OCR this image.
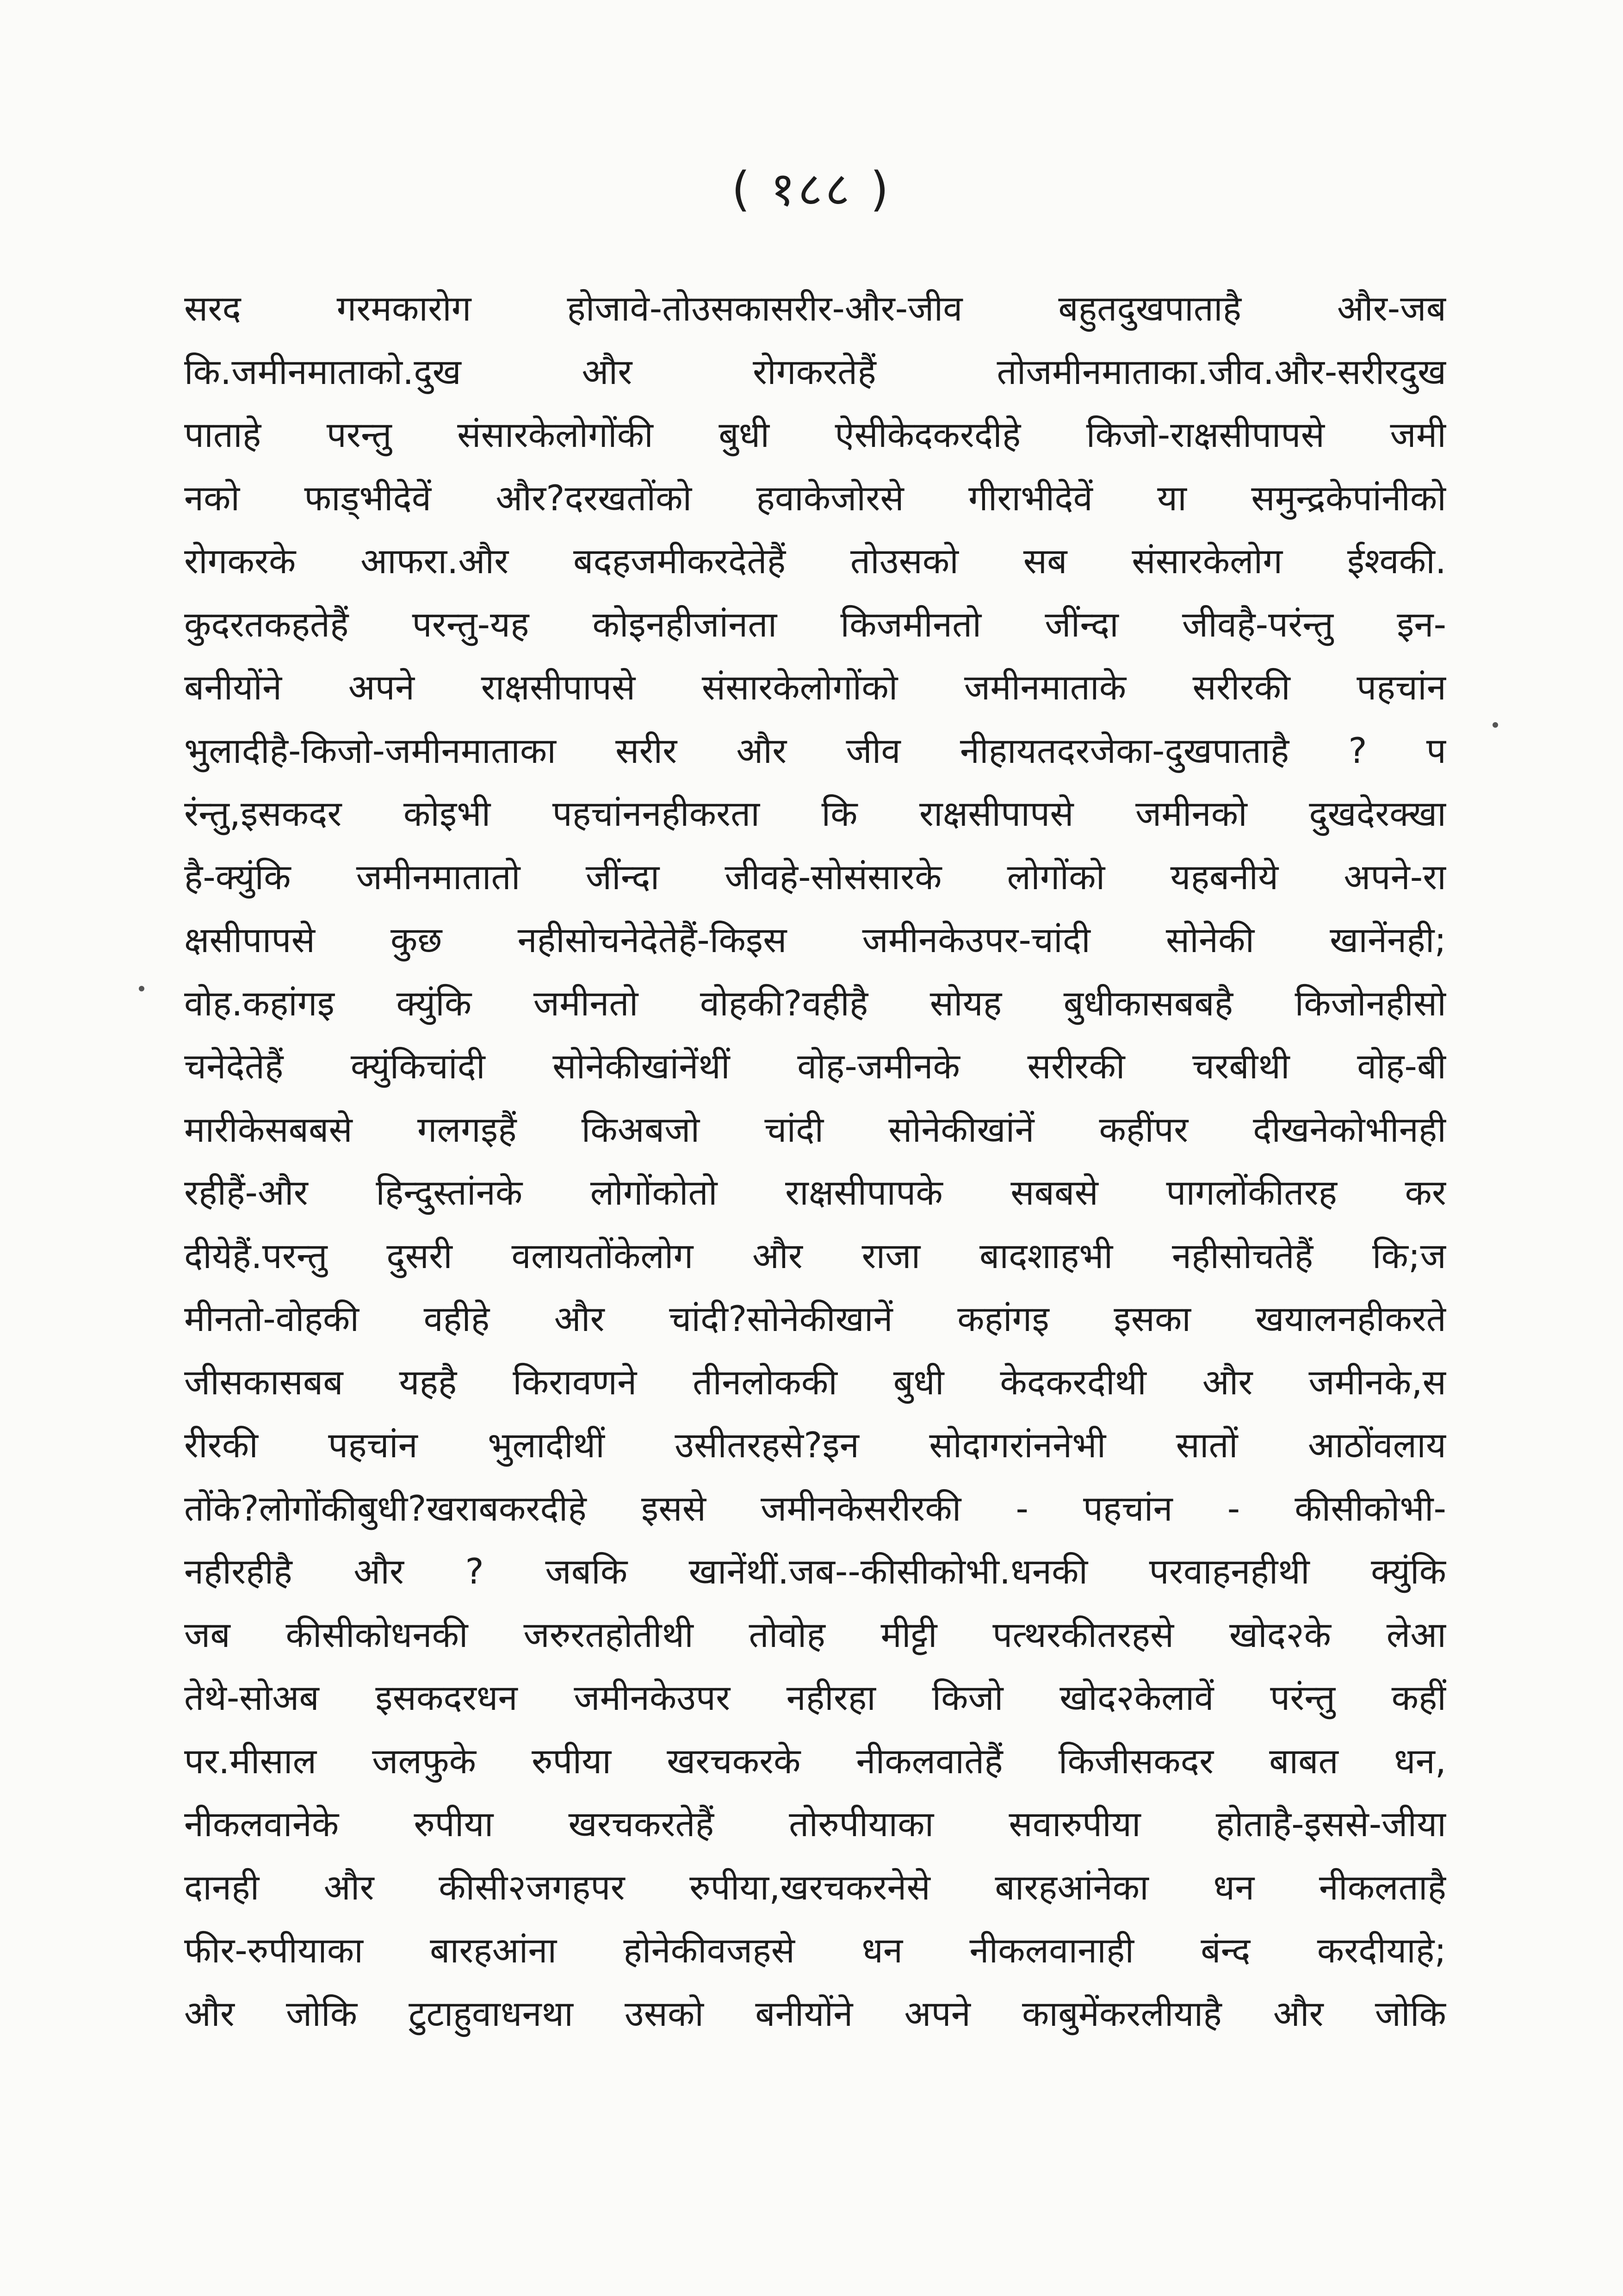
( १८८ )
सरद	गरमकारोग	होजावे-तोउसकासरीर-और-जीव	बहुतदुखपाताहै	और-जब
कि.जमीनमाताको.दुख	और	रोगकरतेहैं	तोजमीनमाताका.जीव.और-सरीरदुख
पाताहे परन्तु संसारकेलोगोंकी बुधी ऐसीकेदकरदीहे किजो-राक्षसीपापसे जमी
नको फाड्भीदेवें और?दरखतोंको हवाकेजोरसे गीराभीदेवें या समुन्द्रकेपांनीको
रोगकरके आफरा.और बदहजमीकरदेतेहैं तोउसको सब संसारकेलोग ईश्वकी.
कुदरतकहतेहैं परन्तु-यह कोइनहीजांनता किजमीनतो जींन्दा जीवहै-परंन्तु इन-
बनीयोंने अपने राक्षसीपापसे संसारकेलोगोंको जमीनमाताके सरीरकी पहचांन
भुलादीहै-किजो-जमीनमाताका सरीर और जीव नीहायतदरजेका-दुखपाताहै ? प
रंन्तु,इसकदर कोइभी पहचांननहीकरता कि राक्षसीपापसे जमीनको दुखदेरक्खा
है-क्युंकि जमीनमातातो जींन्दा जीवहे-सोसंसारके लोगोंको यहबनीये अपने-रा
क्षसीपापसे कुछ नहीसोचनेदेतेहैं-किइस जमीनकेउपर-चांदी सोनेकी खानेंनही;
वोह.कहांगइ क्युंकि जमीनतो वोहकी?वहीहै सोयह बुधीकासबबहै किजोनहीसो
चनेदेतेहैं क्युंकिचांदी सोनेकीखांनेंथीं वोह-जमीनके सरीरकी चरबीथी वोह-बी
मारीकेसबबसे गलगइहैं किअबजो चांदी सोनेकीखांनें कहींपर दीखनेकोभीनही
रहीहैं-और हिन्दुस्तांनके लोगोंकोतो राक्षसीपापके सबबसे पागलोंकीतरह कर
दीयेहैं.परन्तु दुसरी वलायतोंकेलोग और राजा बादशाहभी नहीसोचतेहैं कि;ज
मीनतो-वोहकी वहीहे और चांदी?सोनेकीखानें कहांगइ इसका खयालनहीकरते
जीसकासबब यहहै किरावणने तीनलोककी बुधी केदकरदीथी और जमीनके,स
रीरकी पहचांन भुलादीथीं उसीतरहसे?इन सोदागरांननेभी सातों आठोंवलाय
तोंके?लोगोंकीबुधी?खराबकरदीहे इससे जमीनकेसरीरकी - पहचांन - कीसीकोभी-
नहीरहीहै और ? जबकि खानेंथीं.जब--कीसीकोभी.धनकी परवाहनहीथी क्युंकि
जब कीसीकोधनकी जरुरतहोतीथी तोवोह मीट्टी पत्थरकीतरहसे खोद२के लेआ
तेथे-सोअब इसकदरधन जमीनकेउपर नहीरहा किजो खोद२केलावें परंन्तु कहीं
पर.मीसाल जलफुके रुपीया खरचकरके नीकलवातेहैं किजीसकदर बाबत धन,
नीकलवानेके रुपीया खरचकरतेहैं तोरुपीयाका सवारुपीया होताहै-इससे-जीया
दानही और कीसी२जगहपर रुपीया,खरचकरनेसे बारहआंनेका धन नीकलताहै
फीर-रुपीयाका बारहआंना होनेकीवजहसे धन नीकलवानाही बंन्द करदीयाहे;
और जोकि टुटाहुवाधनथा उसको बनीयोंने अपने काबुमेंकरलीयाहै और जोकि
